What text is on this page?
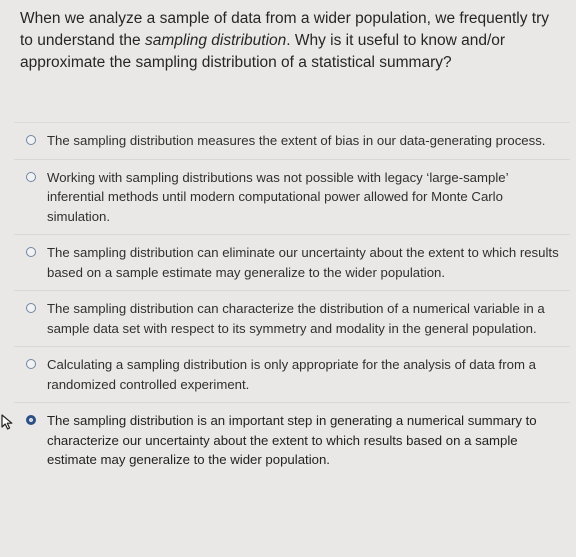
When we analyze a sample of data from a wider population, we frequently try to understand the sampling distribution. Why is it useful to know and/or approximate the sampling distribution of a statistical summary?
The sampling distribution measures the extent of bias in our data-generating process.
Working with sampling distributions was not possible with legacy ‘large-sample’ inferential methods until modern computational power allowed for Monte Carlo simulation.
The sampling distribution can eliminate our uncertainty about the extent to which results based on a sample estimate may generalize to the wider population.
The sampling distribution can characterize the distribution of a numerical variable in a sample data set with respect to its symmetry and modality in the general population.
Calculating a sampling distribution is only appropriate for the analysis of data from a randomized controlled experiment.
The sampling distribution is an important step in generating a numerical summary to characterize our uncertainty about the extent to which results based on a sample estimate may generalize to the wider population.
